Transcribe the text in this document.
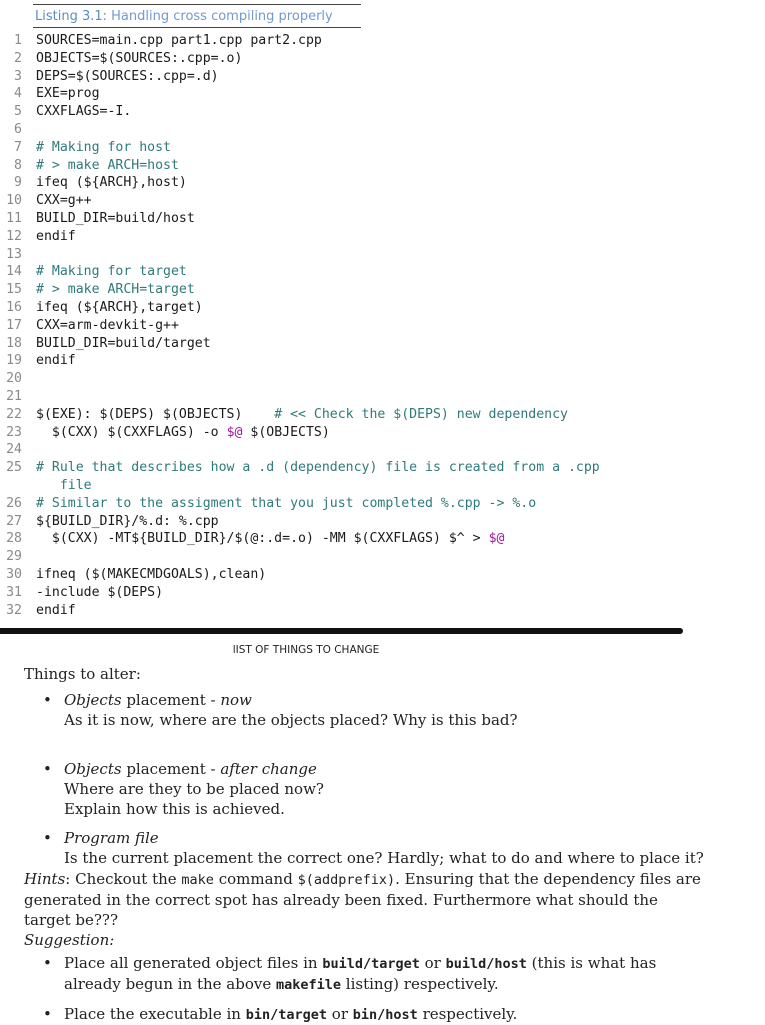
Listing 3.1: Handling cross compiling properly
1 SOURCES=main.cpp part1.cpp part2.cpp
2 OBJECTS=$(SOURCES:.cpp=.o)
3 DEPS=$(SOURCES:.cpp=.d)
4 EXE=prog
5 CXXFLAGS=-I.
6
7 # Making for host
8 # > make ARCH=host
9 ifeq (${ARCH},host)
10 CXX=g++
11 BUILD_DIR=build/host
12 endif
13
14 # Making for target
15 # > make ARCH=target
16 ifeq (${ARCH},target)
17 CXX=arm-devkit-g++
18 BUILD_DIR=build/target
19 endif
20
21
22 $(EXE): $(DEPS) $(OBJECTS)    # << Check the $(DEPS) new dependency
23 $(CXX) $(CXXFLAGS) -o $@ $(OBJECTS)
24
25 # Rule that describes how a .d (dependency) file is created from a .cpp
file
26 # Similar to the assigment that you just completed %.cpp -> %.o
27 ${BUILD_DIR}/%.d: %.cpp
28 $(CXX) -MT${BUILD_DIR}/$(@:.d=.o) -MM $(CXXFLAGS) $^ > $@
29
30 ifneq ($(MAKECMDGOALS),clean)
31 -include $(DEPS)
32 endif
lIST OF THINGS TO CHANGE

Things to alter:

• Objects placement - now
As it is now, where are the objects placed? Why is this bad?
• Objects placement - after change
Where are they to be placed now?
Explain how this is achieved.
• Program file
Is the current placement the correct one? Hardly; what to do and where to place it?

Hints: Checkout the make command $(addprefix). Ensuring that the dependency files are generated in the correct spot has already been fixed. Furthermore what should the target be???

Suggestion:

• Place all generated object files in build/target or build/host (this is what has already begun in the above makefile listing) respectively.
• Place the executable in bin/target or bin/host respectively.
